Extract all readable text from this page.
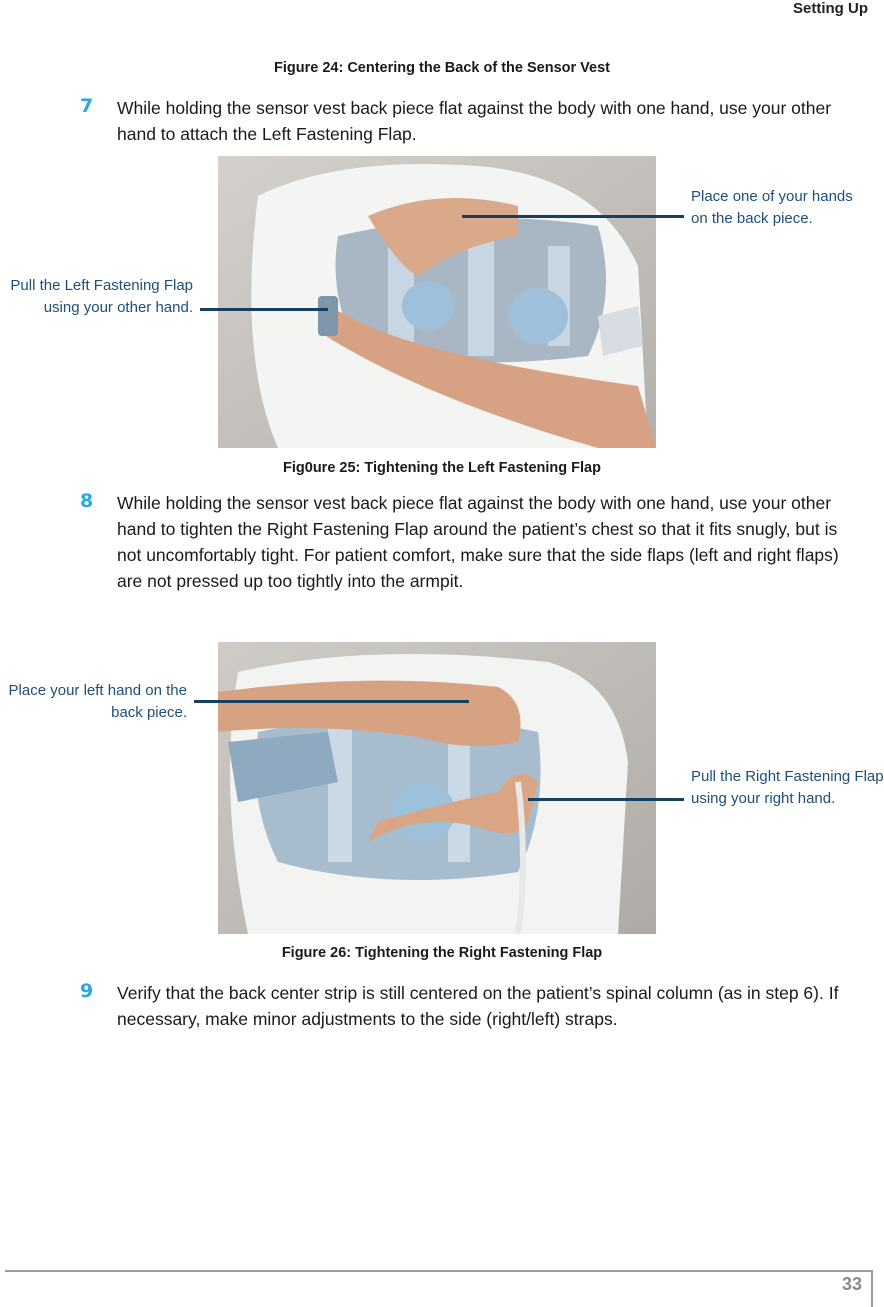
Setting Up
Figure 24: Centering the Back of the Sensor Vest
7 While holding the sensor vest back piece flat against the body with one hand, use your other hand to attach the Left Fastening Flap.
Place one of your hands on the back piece.
Pull the Left Fastening Flap using your other hand.
Fig0ure 25: Tightening the Left Fastening Flap
8 While holding the sensor vest back piece flat against the body with one hand, use your other hand to tighten the Right Fastening Flap around the patient’s chest so that it fits snugly, but is not uncomfortably tight. For patient comfort, make sure that the side flaps (left and right flaps) are not pressed up too tightly into the armpit.
Place your left hand on the back piece.
Pull the Right Fastening Flap using your right hand.
Figure 26: Tightening the Right Fastening Flap
9 Verify that the back center strip is still centered on the patient’s spinal column (as in step 6). If necessary, make minor adjustments to the side (right/left) straps.
33
